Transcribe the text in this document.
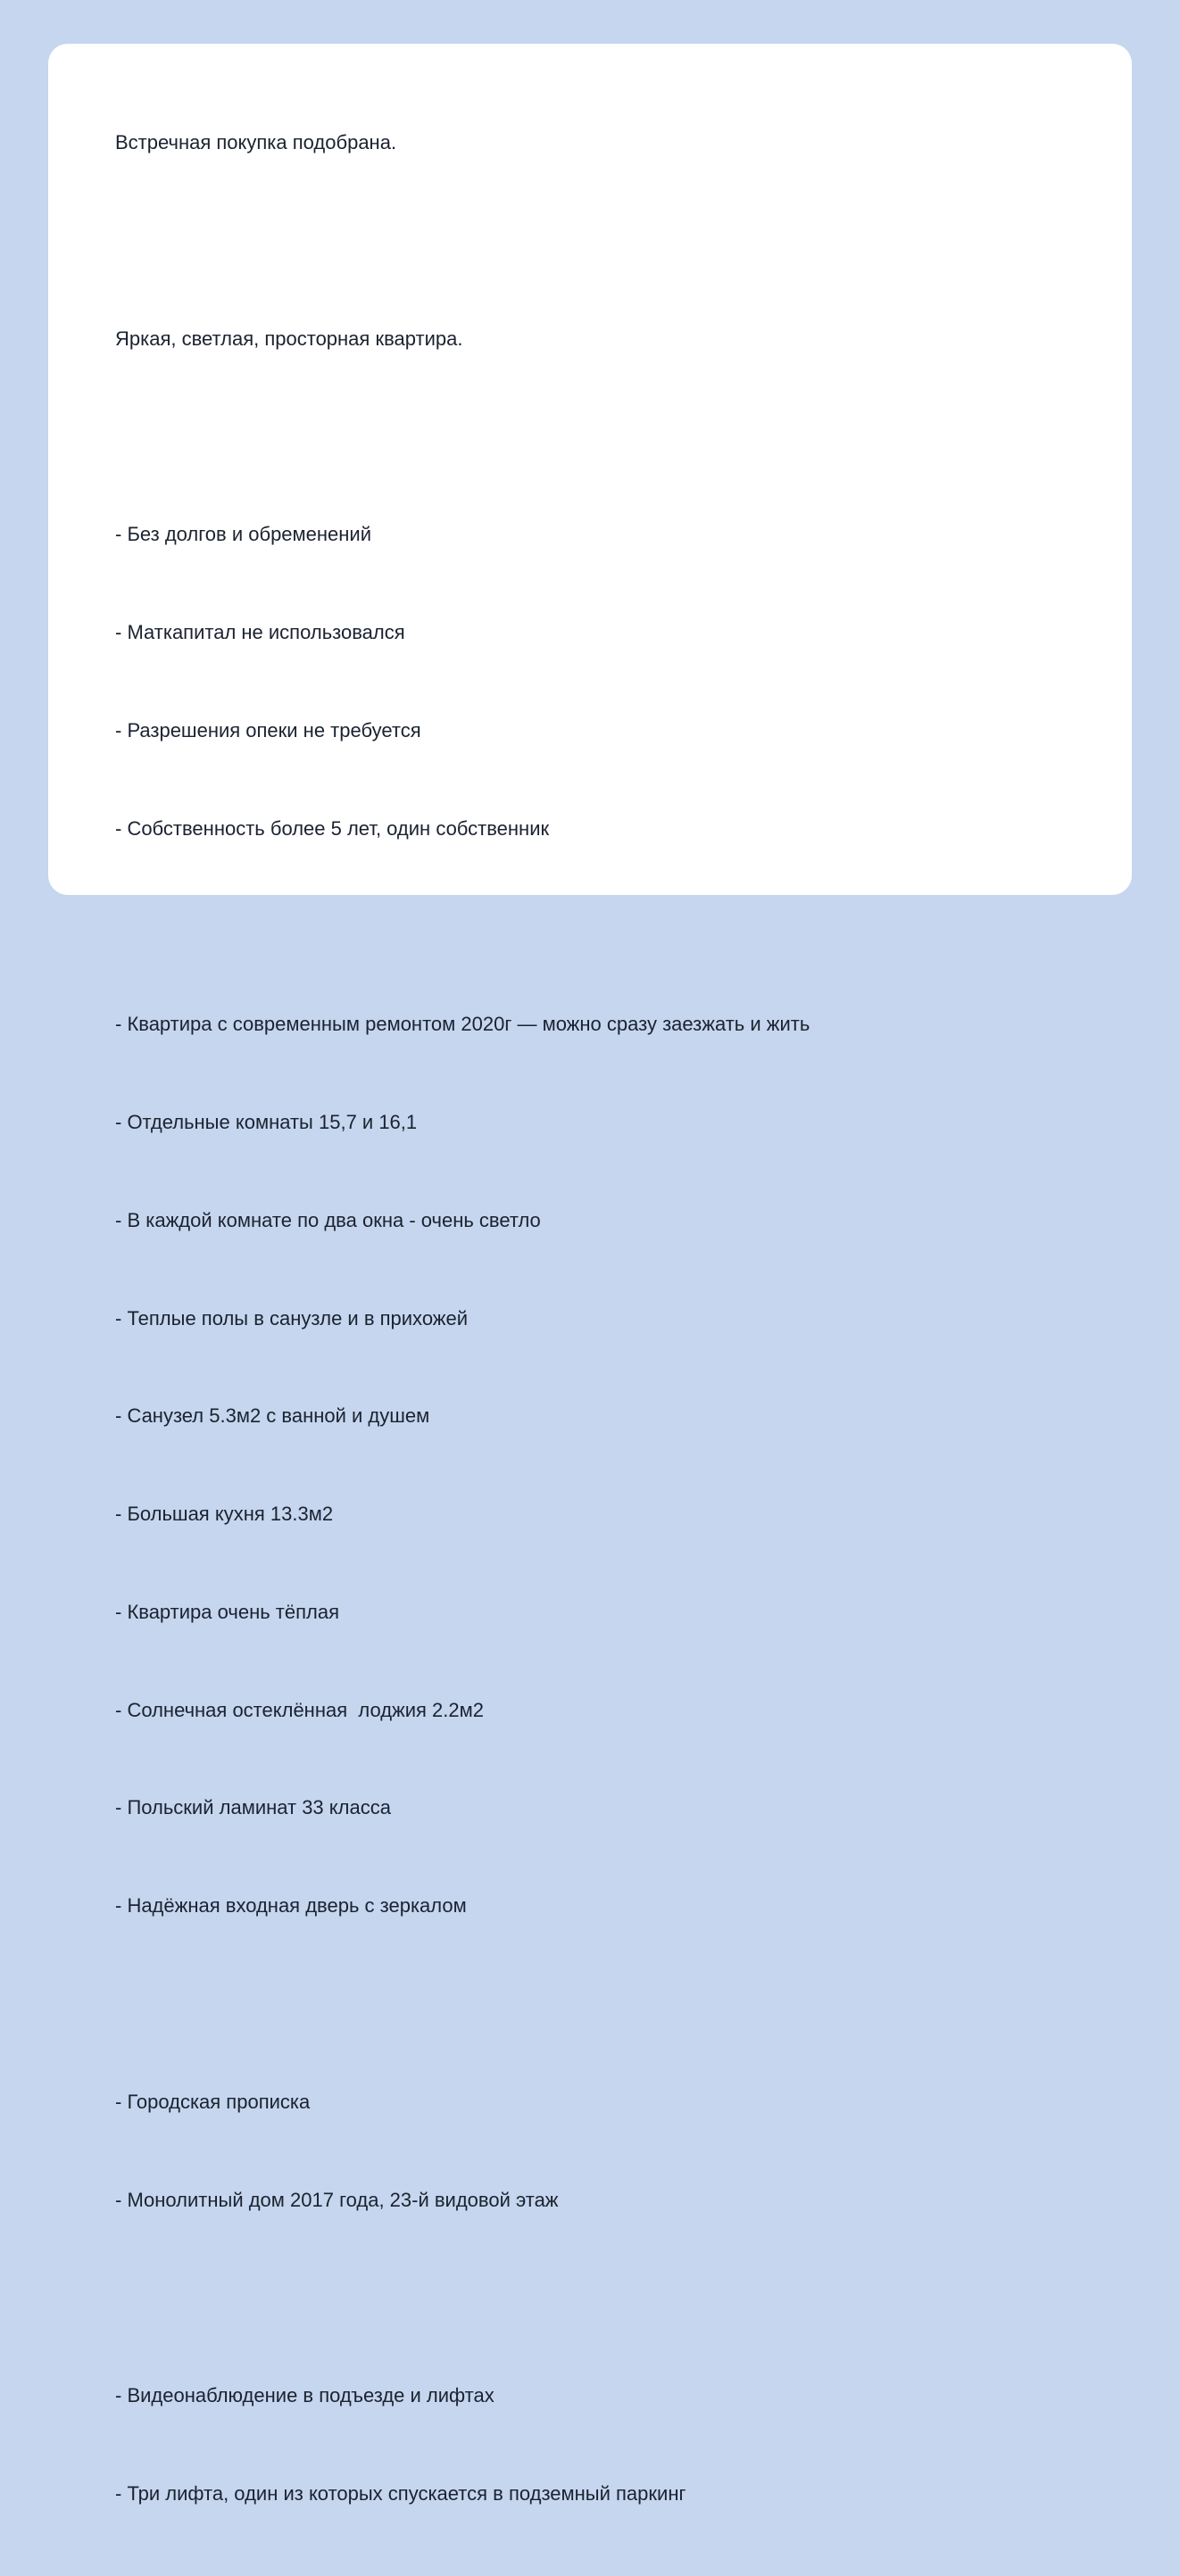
Встречная покупка подобрана.

Яркая, светлая, просторная квартира.

- Без долгов и обременений

- Маткапитал не использовался

- Разрешения опеки не требуется

- Собственность более 5 лет, один собственник

- Квартира с современным ремонтом 2020г — можно сразу заезжать и жить

- Отдельные комнаты 15,7 и 16,1

- В каждой комнате по два окна - очень светло

- Теплые полы в санузле и в прихожей

- Санузел 5.3м2 с ванной и душем

- Большая кухня 13.3м2

- Квартира очень тёплая

- Солнечная остеклённая  лоджия 2.2м2

- Польский ламинат 33 класса

- Надёжная входная дверь с зеркалом

- Городская прописка

- Монолитный дом 2017 года, 23-й видовой этаж

- Видеонаблюдение в подъезде и лифтах

- Три лифта, один из которых спускается в подземный паркинг
